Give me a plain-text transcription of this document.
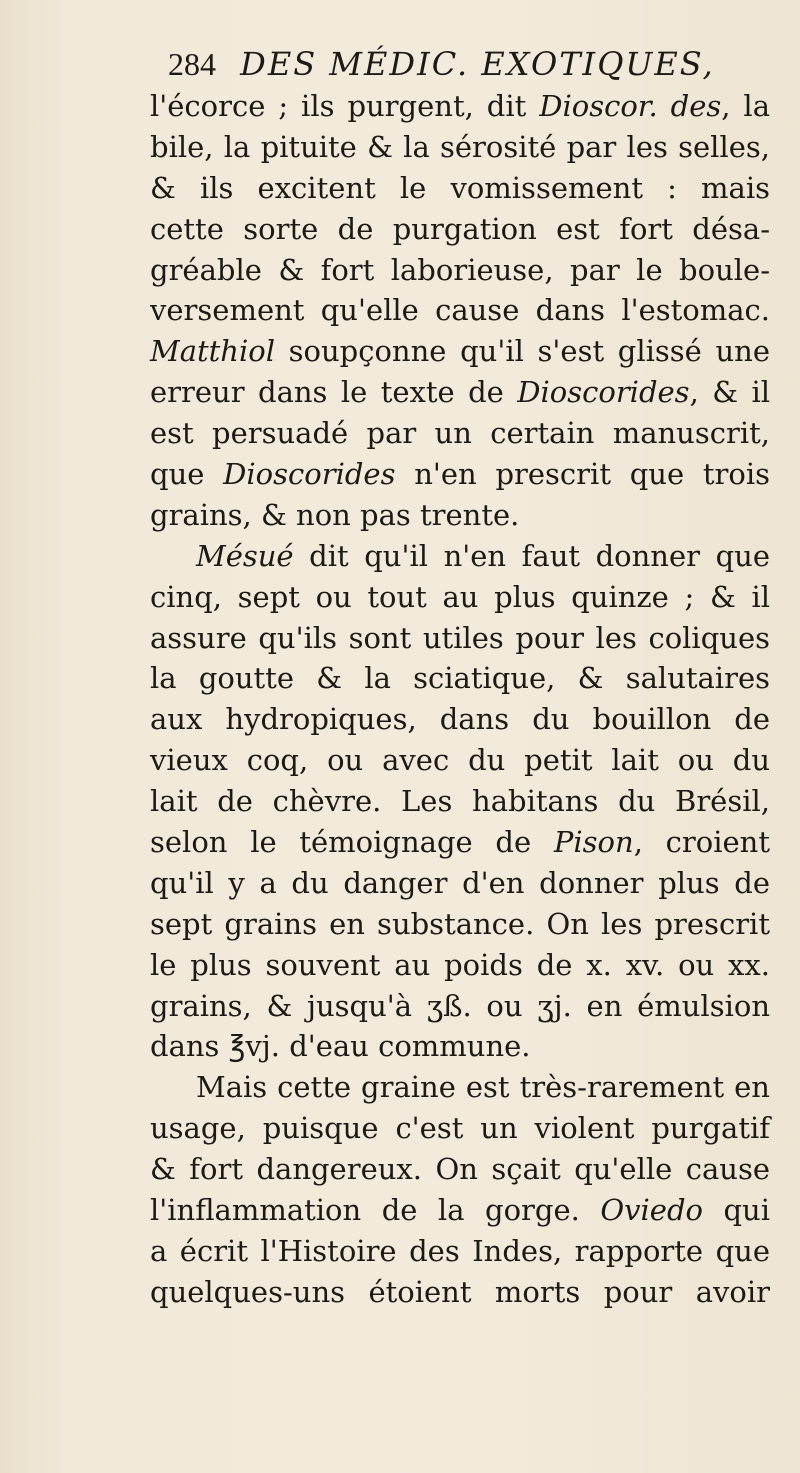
284 DES MÉDIC. EXOTIQUES,
l'écorce ; ils purgent, dit Dioscor. des, la
bile, la pituite & la sérosité par les selles,
& ils excitent le vomissement : mais
cette sorte de purgation est fort désa-
gréable & fort laborieuse, par le boule-
versement qu'elle cause dans l'estomac.
Matthiol soupçonne qu'il s'est glissé une
erreur dans le texte de Dioscorides, & il
est persuadé par un certain manuscrit,
que Dioscorides n'en prescrit que trois
grains, & non pas trente.
Mésué dit qu'il n'en faut donner que
cinq, sept ou tout au plus quinze ; & il
assure qu'ils sont utiles pour les coliques
la goutte & la sciatique, & salutaires
aux hydropiques, dans du bouillon de
vieux coq, ou avec du petit lait ou du
lait de chèvre. Les habitans du Brésil,
selon le témoignage de Pison, croient
qu'il y a du danger d'en donner plus de
sept grains en substance. On les prescrit
le plus souvent au poids de x. xv. ou xx.
grains, & jusqu'à ʒß. ou ʒj. en émulsion
dans ℥vj. d'eau commune.
Mais cette graine est très-rarement en
usage, puisque c'est un violent purgatif
& fort dangereux. On sçait qu'elle cause
l'inflammation de la gorge. Oviedo qui
a écrit l'Histoire des Indes, rapporte que
quelques-uns étoient morts pour avoir
